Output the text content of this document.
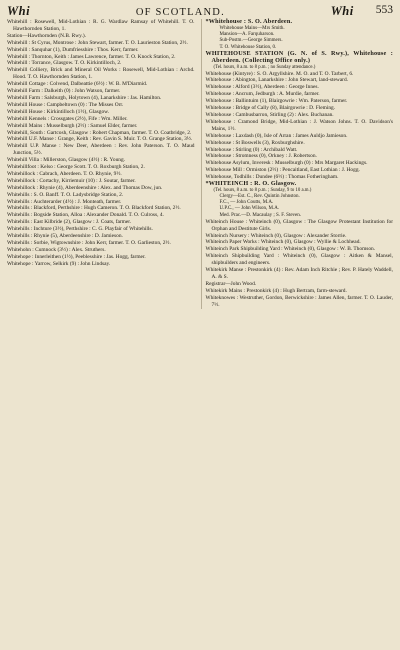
Whi	OF SCOTLAND.	Whi 553

Whitehill : Rosewell, Mid-Lothian : R. G. Wardlaw Ramsay of Whitehill. T. O. Hawthornden Station, 1.

Station—Hawthornden (N.B. Rwy.).

Whitehill : St Cyrus, Montrose : John Stewart, farmer. T. O. Laurieston Station, 2½.

Whitehill : Sanquhar (1), Dumfriesshire : Thos. Kerr, farmer.

Whitehill : Thornton, Keith : James Lawrence, farmer. T. O. Knock Station, 2.

Whitehill : Torrance, Glasgow. T. O. Kirkintilloch, 2.

Whitehill Colliery, Brick and Mineral Oil Works : Rosewell, Mid-Lothian : Archd. Hood. T. O. Hawthornden Station, 1.

Whitehill Cottage : Colvend, Dalbeattie (6½) : W. B. M'Diarmid.

Whitehill Farm : Dalkeith (0) : John Watson, farmer.

Whitehill Farm : Salsburgh, Holytown (4), Lanarkshire : Jas. Hamilton.

Whitehill House : Campbeltown (0) : The Misses Orr.

Whitehill House : Kirkintilloch (1½), Glasgow.

Whitehill Kennels : Crossgates (2½), Fife : Wm. Miller.

Whitehill Mains : Musselburgh (2½) : Samuel Elder, farmer.

Whitehill, South : Gartcosh, Glasgow : Robert Chapman, farmer. T. O. Coatbridge, 2.

Whitehill U.F. Manse : Grange, Keith : Rev. Gavin S. Muir. T. O. Grange Station, 3½.

Whitehill U.P. Manse : New Deer, Aberdeen : Rev. John Paterson. T. O. Maud Junction, 5½.

Whitehill Villa : Millerston, Glasgow (4½) : R. Young.

Whitehillfoot : Kelso : George Scott. T. O. Roxburgh Station, 2.

Whitehillock : Cabrach, Aberdeen. T. O. Rhynie, 9½.

Whitehillock : Cortachy, Kirriemuir (10) : J. Soutar, farmer.

Whitehillock : Rhynie (4), Aberdeenshire : Alex. and Thomas Dow, jun.

Whitehills : S. O. Banff. T. O. Ladysbridge Station, 2.

Whitehills : Auchterarder (4½) : J. Monteath, farmer.

Whitehills : Blackford, Perthshire : Hugh Cameron. T. O. Blackford Station, 2½.

Whitehills : Bogside Station, Alloa : Alexander Donald. T. O. Culross, 4.

Whitehills : East Kilbride (2), Glasgow : J. Coats, farmer.

Whitehills : Inchture (3½), Perthshire : C. G. Playfair of Whitehills.

Whitehills : Rhynie (5), Aberdeenshire : D. Jamieson.

Whitehills : Sorbie, Wigtownshire : John Kerr, farmer. T. O. Garlieston, 2½.

Whitehohn : Cumnock (3½) : Alex. Struthers.

Whitehope : Innerleithen (1½), Peeblesshire : Jas. Hogg, farmer.

Whitehope : Yarrow, Selkirk (9) : John Lindsay.

*Whitehouse : S. O. Aberdeen.

Whitehouse Mains—Mrs Smith.

Mansion—A. Farquharson.

Sub-Postm.—George Simmers.

T. O. Whitehouse Station, 0.

WHITEHOUSE STATION (G. N. of S. Rwy.), Whitehouse : Aberdeen. (Collecting Office only.)

(Tel. hours, 8 a.m. to 8 p.m. ; no Sunday attendance.)

Whitehouse (Kintyre) : S. O. Argyllshire. M. O. and T. O. Tarbert, 6.

Whitehouse : Abington, Lanarkshire : John Stewart, land-steward.

Whitehouse : Alford (3½), Aberdeen : George Innes.

Whitehouse : Ancrum, Jedburgh : A. Murdie, farmer.

Whitehouse : Ballintuim (1), Blairgowrie : Wm. Paterson, farmer.

Whitehouse : Bridge of Cally (8), Blairgowrie : D. Fleming.

Whitehouse : Cambusbarron, Stirling (2) : Alex. Buchanan.

Whitehouse : Cramond Bridge, Mid-Lothian : J. Watson Johns. T. O. Davidson's Mains, 1½.

Whitehouse : Laxdash (0), Isle of Arran : James Auldjo Jamieson.

Whitehouse : St Boswells (3), Roxburghshire.

Whitehouse : Stirling (0) : Archibald Watt.

Whitehouse : Stromness (0), Orkney : J. Robertson.

Whitehouse Asylum, Inveresk : Musselburgh (0) : Mrs Margaret Hackings.

Whitehouse Mill : Ormiston (2½) : Pencaitland, East Lothian : J. Hogg.

Whitehouse, Todhills : Dundee (6½) : Thomas Fotheringham.

*WHITEINCH : R. O. Glasgow.

(Tel. hours, 8 a.m. to 8 p.m. ; Sunday, 9 to 10 a.m.)

Clergy—Est. C., Rev. Quintin Johnston.

F.C., — John Coutts, M.A.

U.P.C., — John Wilson, M.A.

Med. Prac.—D. Macaulay ; S. F. Steven.

Whiteinch House : Whiteinch (0), Glasgow : The Glasgow Protestant Institution for Orphan and Destitute Girls.

Whiteinch Nursery : Whiteinch (0), Glasgow : Alexander Storrie.

Whiteinch Paper Works : Whiteinch (0), Glasgow : Wyllie & Lochhead.

Whiteinch Park Shipbuilding Yard : Whiteinch (0), Glasgow : W. B. Thomson.

Whiteinch Shipbuilding Yard : Whiteinch (0), Glasgow : Aitken & Mansel, shipbuilders and engineers.

Whitekirk Manse : Prestonkirk (4) : Rev. Adam Inch Ritchie ; Rev. P. Hately Waddell, A. & S.

Registrar—John Wood.

Whitekirk Mains : Prestonkirk (4) : Hugh Bertram, farm-steward.

Whiteknowes : Westruther, Gordon, Berwickshire : James Allen, farmer. T. O. Lauder, 7½.
